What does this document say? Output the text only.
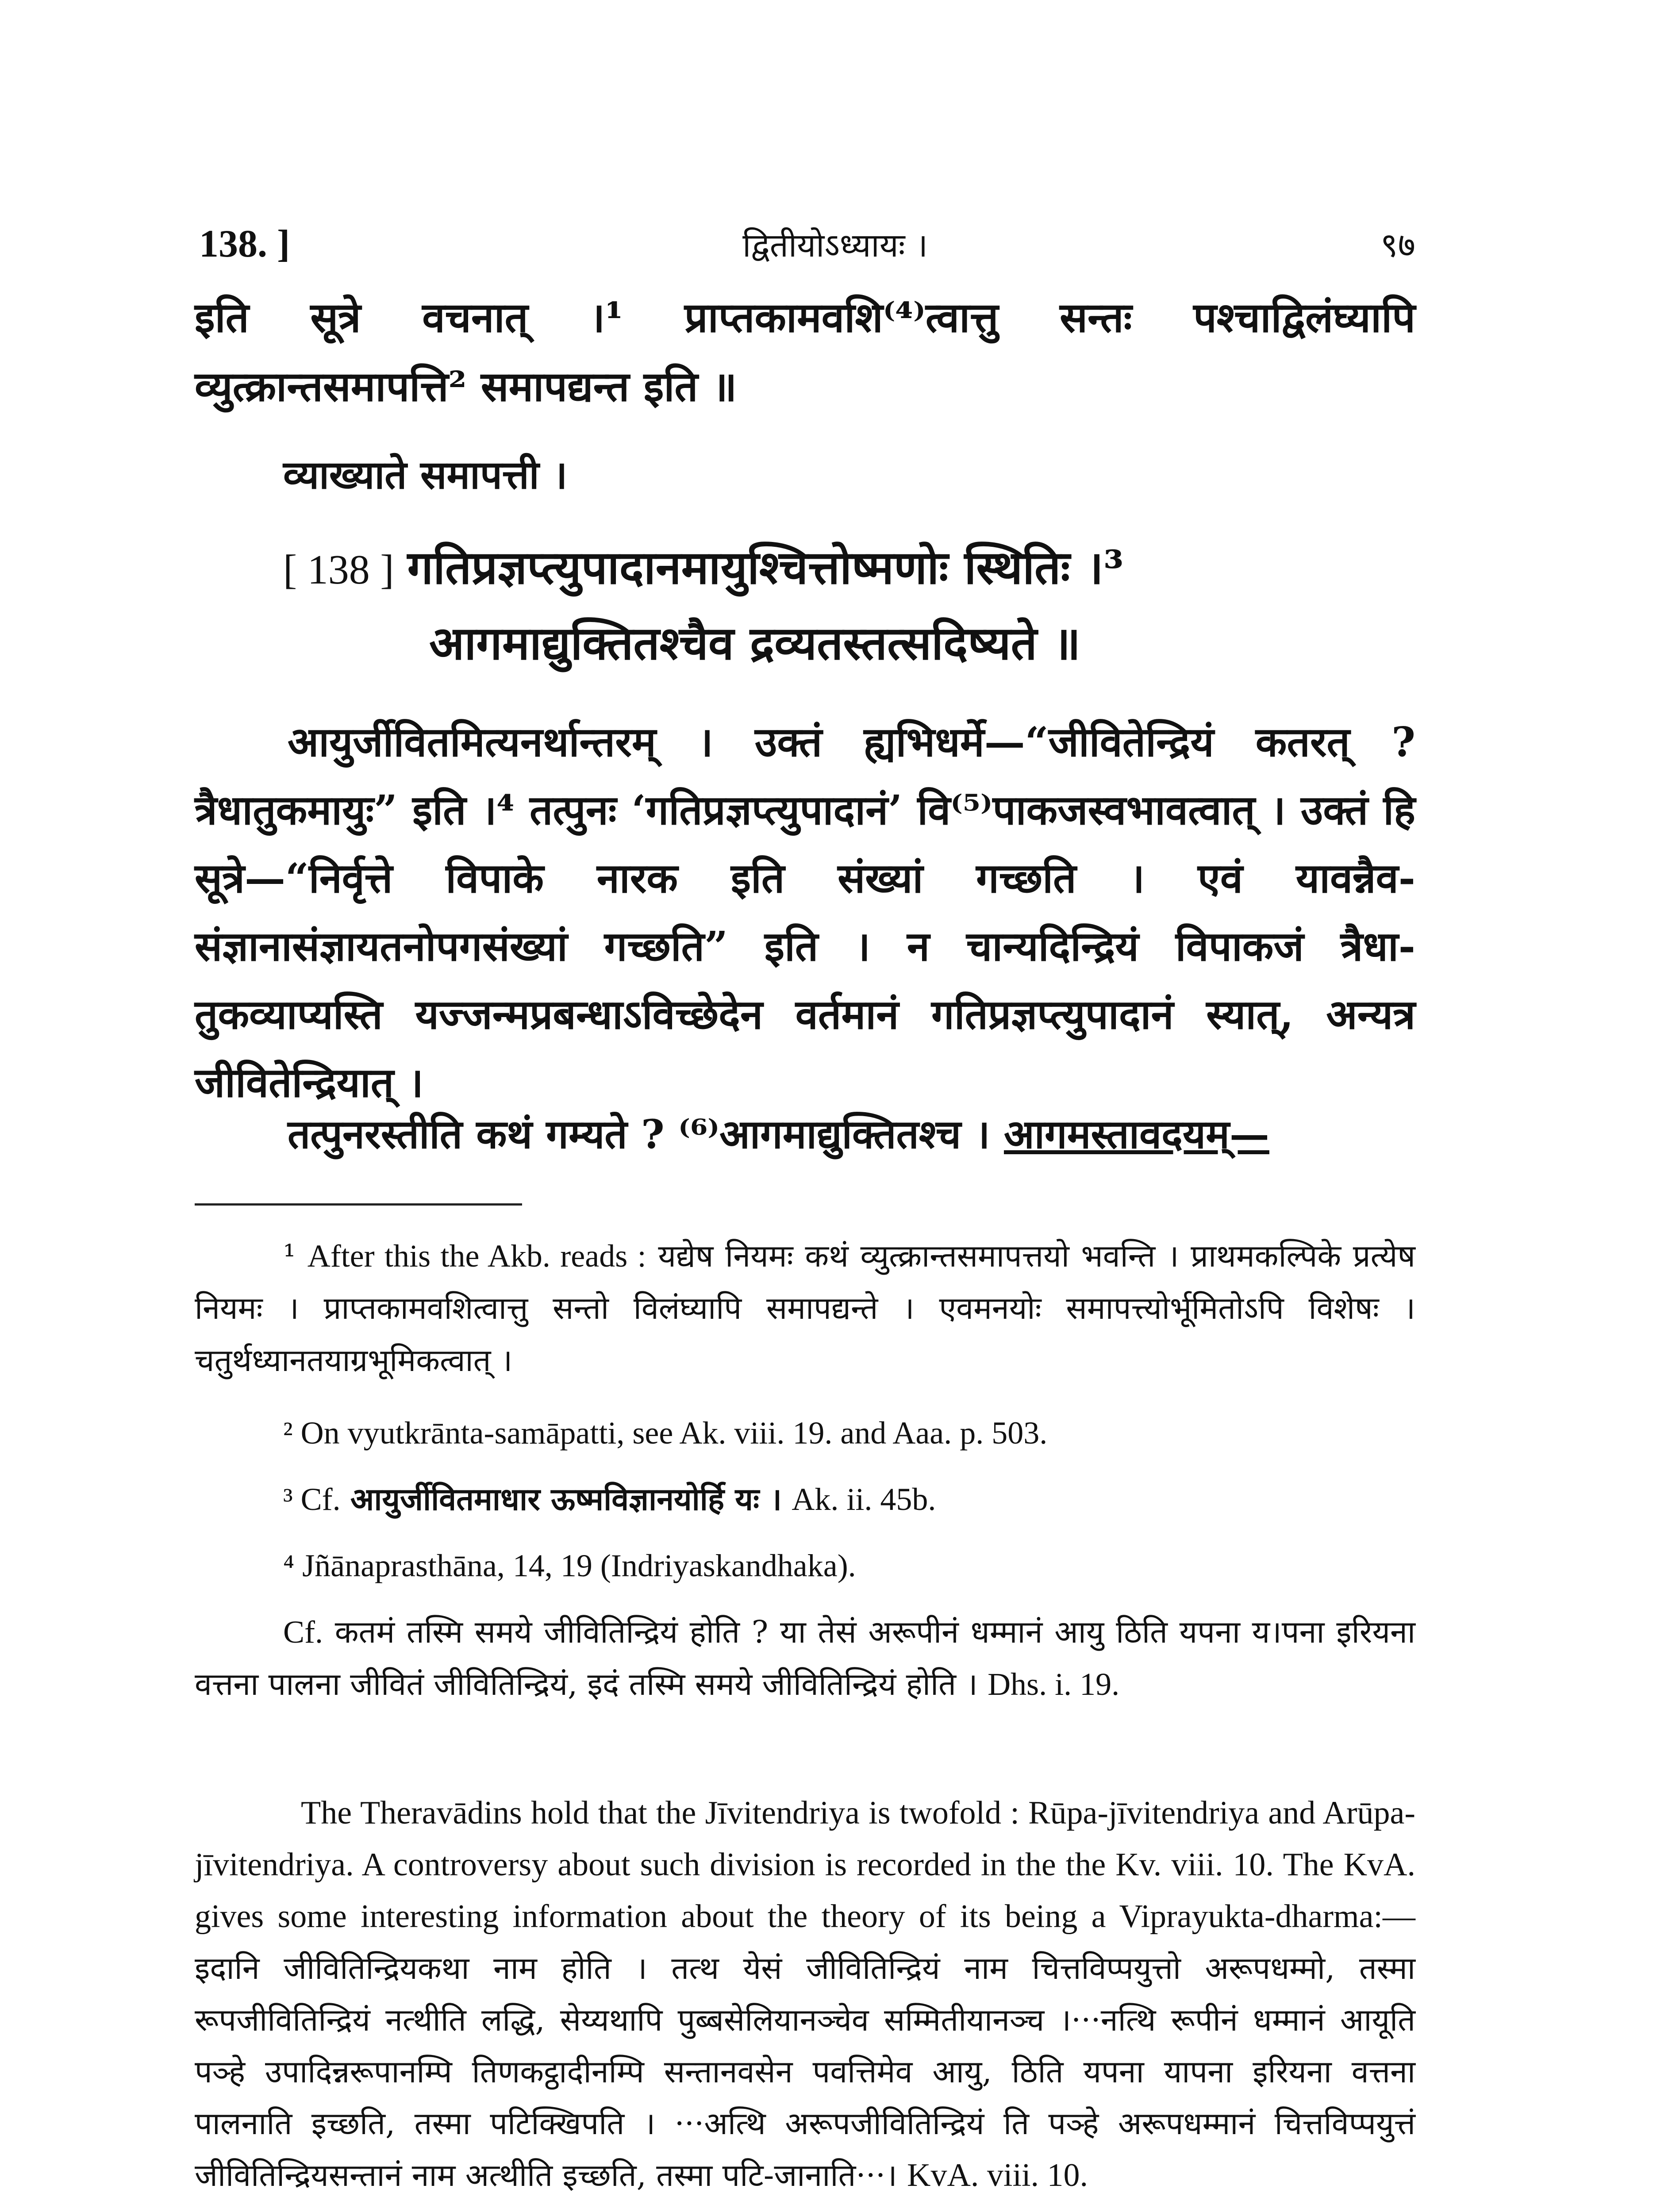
138. ]	द्वितीयोऽध्यायः ।	९७
इति सूत्रे वचनात् ।¹ प्राप्तकामवशि⁽⁴⁾त्वात्तु सन्तः पश्चाद्विलंघ्यापि व्युत्क्रान्तसमापत्ति² समापद्यन्त इति ॥
व्याख्याते समापत्ती ।
[ 138 ] गतिप्रज्ञप्त्युपादानमायुश्चित्तोष्मणोः स्थितिः ।³
आगमाद्युक्तितश्चैव द्रव्यतस्तत्सदिष्यते ॥
आयुर्जीवितमित्यनर्थान्तरम् । उक्तं ह्यभिधर्मे—“जीवितेन्द्रियं कतरत् ? त्रैधातुकमायुः” इति ।⁴ तत्पुनः ‘गतिप्रज्ञप्त्युपादानं’ वि⁽⁵⁾पाकजस्वभावत्वात् । उक्तं हि सूत्रे—“निर्वृत्ते विपाके नारक इति संख्यां गच्छति । एवं यावन्नैव-संज्ञानासंज्ञायतनोपगसंख्यां गच्छति” इति । न चान्यदिन्द्रियं विपाकजं त्रैधा-तुकव्याप्यस्ति यज्जन्मप्रबन्धाऽविच्छेदेन वर्तमानं गतिप्रज्ञप्त्युपादानं स्यात्, अन्यत्र जीवितेन्द्रियात् ।
तत्पुनरस्तीति कथं गम्यते ? ⁽⁶⁾आगमाद्युक्तितश्च । आगमस्तावदयम्—
¹ After this the Akb. reads : यद्येष नियमः कथं व्युत्क्रान्तसमापत्तयो भवन्ति । प्राथमकल्पिके प्रत्येष नियमः । प्राप्तकामवशित्वात्तु सन्तो विलंघ्यापि समापद्यन्ते । एवमनयोः समापत्त्योर्भूमितोऽपि विशेषः । चतुर्थध्यानतयाग्रभूमिकत्वात् ।
² On vyutkrānta-samāpatti, see Ak. viii. 19. and Aaa. p. 503.
³ Cf. आयुर्जीवितमाधार ऊष्मविज्ञानयोर्हि यः । Ak. ii. 45b.
⁴ Jñānaprasthāna, 14, 19 (Indriyaskandhaka).
Cf. कतमं तस्मि समये जीवितिन्द्रियं होति ? या तेसं अरूपीनं धम्मानं आयु ठिति यपना य।पना इरियना वत्तना पालना जीवितं जीवितिन्द्रियं, इदं तस्मि समये जीवितिन्द्रियं होति । Dhs. i. 19.
The Theravādins hold that the Jīvitendriya is twofold : Rūpa-jīvitendriya and Arūpa-jīvitendriya. A controversy about such division is recorded in the the Kv. viii. 10. The KvA. gives some interesting information about the theory of its being a Viprayukta-dharma:—इदानि जीवितिन्द्रियकथा नाम होति । तत्थ येसं जीवितिन्द्रियं नाम चित्तविप्पयुत्तो अरूपधम्मो, तस्मा रूपजीवितिन्द्रियं नत्थीति लद्धि, सेय्यथापि पुब्बसेलियानञ्चेव सम्मितीयानञ्च ।···नत्थि रूपीनं धम्मानं आयूति पञ्हे उपादिन्नरूपानम्पि तिणकट्ठादीनम्पि सन्तानवसेन पवत्तिमेव आयु, ठिति यपना यापना इरियना वत्तना पालनाति इच्छति, तस्मा पटिक्खिपति । ···अत्थि अरूपजीवितिन्द्रियं ति पञ्हे अरूपधम्मानं चित्तविप्पयुत्तं जीवितिन्द्रियसन्तानं नाम अत्थीति इच्छति, तस्मा पटि-जानाति···। KvA. viii. 10.
